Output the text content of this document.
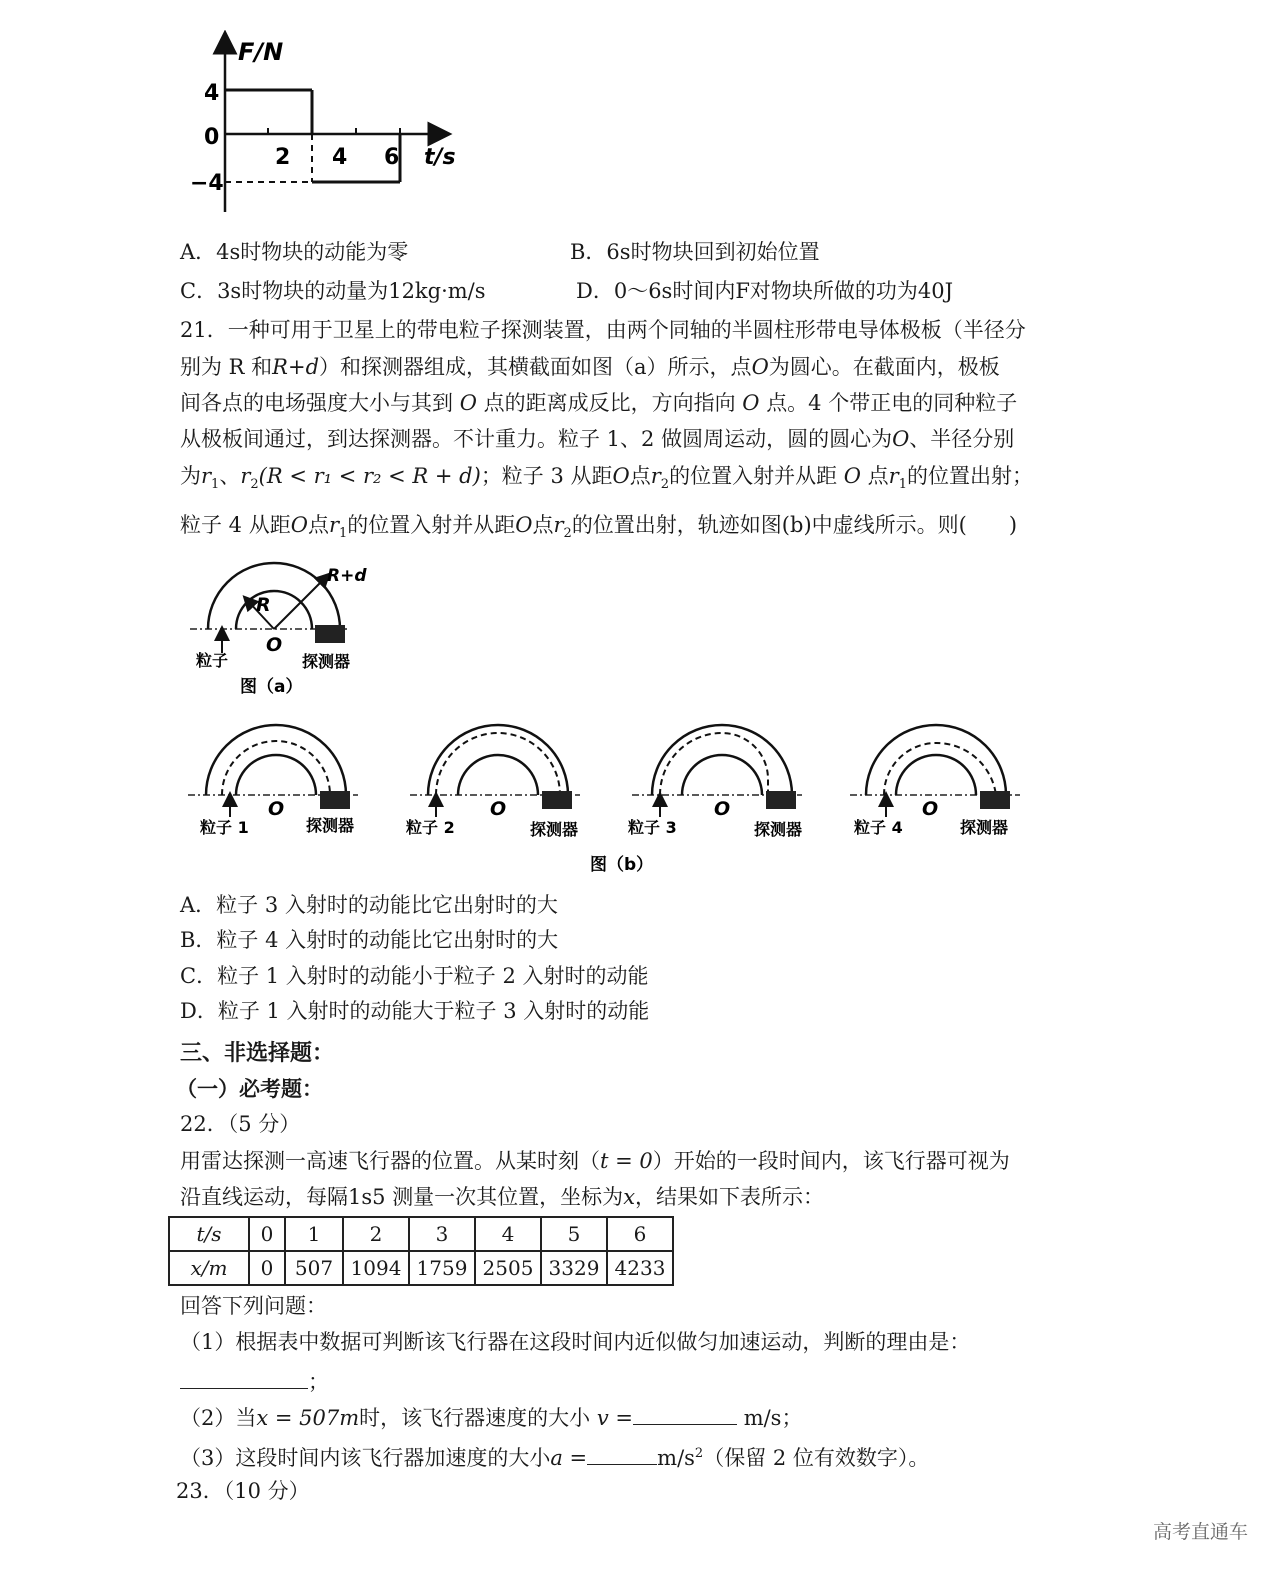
F/N
4
0
−4
2 4 6 t/s
A．4s时物块的动能为零	B．6s时物块回到初始位置
C．3s时物块的动量为12kg·m/s	D．0～6s时间内F对物块所做的功为40J
21．一种可用于卫星上的带电粒子探测装置，由两个同轴的半圆柱形带电导体极板（半径分
别为 R 和R+d）和探测器组成，其横截面如图（a）所示，点O为圆心。在截面内，极板
间各点的电场强度大小与其到 O 点的距离成反比，方向指向 O 点。4 个带正电的同种粒子
从极板间通过，到达探测器。不计重力。粒子 1、2 做圆周运动，圆的圆心为O、半径分别
为$r_1$、$r_2(R < r_1 < r_2 < R + d)$；粒子 3 从距O点$r_2$的位置入射并从距 O 点$r_1$的位置出射；
粒子 4 从距O点$r_1$的位置入射并从距O点$r_2$的位置出射，轨迹如图(b)中虚线所示。则(　　)
R
R+d
O
粒子	探测器
图（a）
O
粒子 1	探测器
O
粒子 2	探测器
O
粒子 3	探测器
O
粒子 4	探测器
图（b）
A．粒子 3 入射时的动能比它出射时的大
B．粒子 4 入射时的动能比它出射时的大
C．粒子 1 入射时的动能小于粒子 2 入射时的动能
D．粒子 1 入射时的动能大于粒子 3 入射时的动能
三、非选择题：
（一）必考题：
22．（5 分）
用雷达探测一高速飞行器的位置。从某时刻（t = 0）开始的一段时间内，该飞行器可视为
沿直线运动，每隔1s5 测量一次其位置，坐标为x，结果如下表所示：
t/s	0	1	2	3	4	5	6
x/m	0	507	1094	1759	2505	3329	4233
回答下列问题：
（1）根据表中数据可判断该飞行器在这段时间内近似做匀加速运动，判断的理由是：
；
（2）当x = 507m时，该飞行器速度的大小 v =	m/s；
（3）这段时间内该飞行器加速度的大小a =	$m/s^2$（保留 2 位有效数字）。
23．（10 分）
高考直通车
